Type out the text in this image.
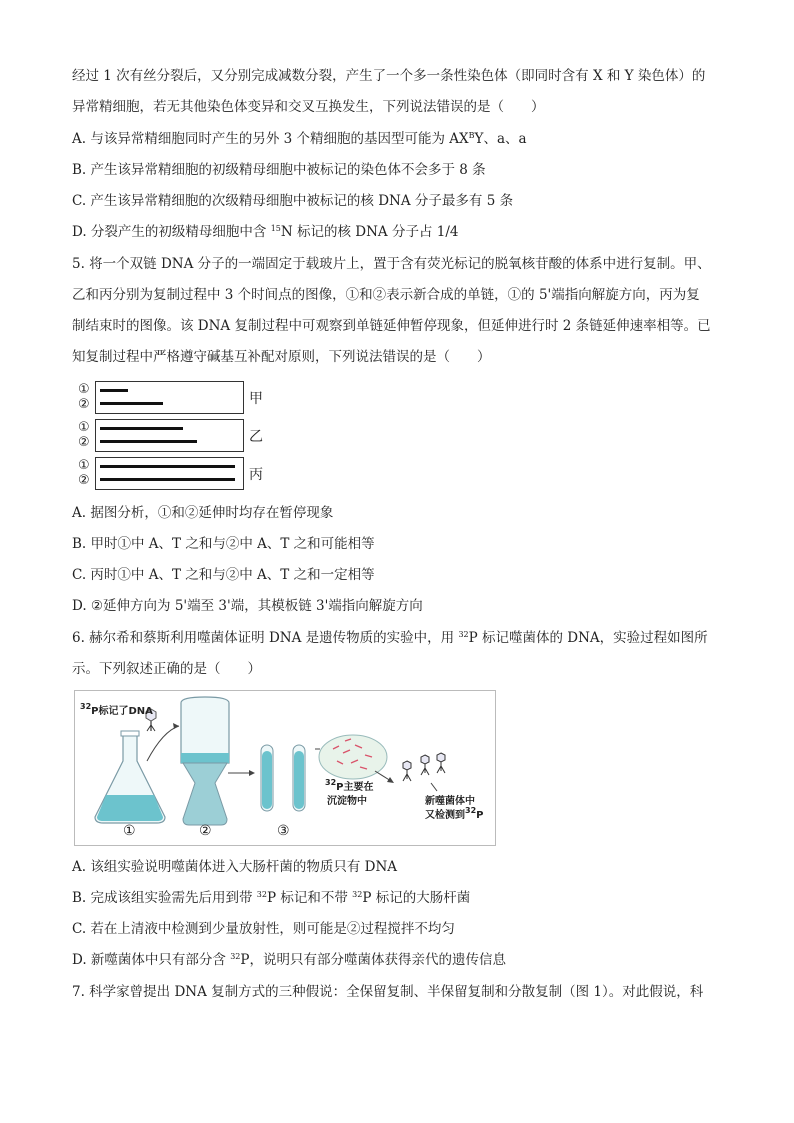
经过 1 次有丝分裂后，又分别完成减数分裂，产生了一个多一条性染色体（即同时含有 X 和 Y 染色体）的
异常精细胞，若无其他染色体变异和交叉互换发生，下列说法错误的是（　　）
A. 与该异常精细胞同时产生的另外 3 个精细胞的基因型可能为 $AX^BY$、a、a
B. 产生该异常精细胞的初级精母细胞中被标记的染色体不会多于 8 条
C. 产生该异常精细胞的次级精母细胞中被标记的核 DNA 分子最多有 5 条
D. 分裂产生的初级精母细胞中含 $^{15}$N 标记的核 DNA 分子占 1/4
5. 将一个双链 DNA 分子的一端固定于载玻片上，置于含有荧光标记的脱氧核苷酸的体系中进行复制。甲、
乙和丙分别为复制过程中 3 个时间点的图像，①和②表示新合成的单链，①的 5'端指向解旋方向，丙为复
制结束时的图像。该 DNA 复制过程中可观察到单链延伸暂停现象，但延伸进行时 2 条链延伸速率相等。已
知复制过程中严格遵守碱基互补配对原则，下列说法错误的是（　　）
①
②	甲
①
②	乙
①
②	丙
A. 据图分析，①和②延伸时均存在暂停现象
B. 甲时①中 A、T 之和与②中 A、T 之和可能相等
C. 丙时①中 A、T 之和与②中 A、T 之和一定相等
D. ②延伸方向为 5'端至 3'端，其模板链 3'端指向解旋方向
6. 赫尔希和蔡斯利用噬菌体证明 DNA 是遗传物质的实验中，用 $^{32}$P 标记噬菌体的 DNA，实验过程如图所
示。下列叙述正确的是（　　）
$^{32}$P标记了DNA
$^{32}$P主要在
沉淀物中	新噬菌体中
又检测到$^{32}$P
①	②	③
A. 该组实验说明噬菌体进入大肠杆菌的物质只有 DNA
B. 完成该组实验需先后用到带 $^{32}$P 标记和不带 $^{32}$P 标记的大肠杆菌
C. 若在上清液中检测到少量放射性，则可能是②过程搅拌不均匀
D. 新噬菌体中只有部分含 $^{32}$P，说明只有部分噬菌体获得亲代的遗传信息
7. 科学家曾提出 DNA 复制方式的三种假说：全保留复制、半保留复制和分散复制（图 1）。对此假说，科
